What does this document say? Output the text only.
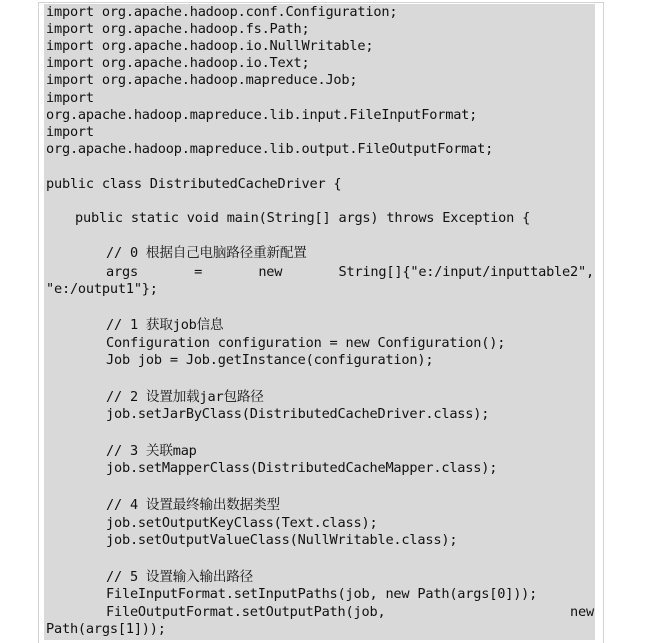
import org.apache.hadoop.conf.Configuration;
import org.apache.hadoop.fs.Path;
import org.apache.hadoop.io.NullWritable;
import org.apache.hadoop.io.Text;
import org.apache.hadoop.mapreduce.Job;
import
org.apache.hadoop.mapreduce.lib.input.FileInputFormat;
import
org.apache.hadoop.mapreduce.lib.output.FileOutputFormat;
public class DistributedCacheDriver {
public static void main(String[] args) throws Exception {
// 0 根据自己电脑路径重新配置
args	=	new	String[]{"e:/input/inputtable2",
"e:/output1"};
// 1 获取job信息
Configuration configuration = new Configuration();
Job job = Job.getInstance(configuration);
// 2 设置加载jar包路径
job.setJarByClass(DistributedCacheDriver.class);
// 3 关联map
job.setMapperClass(DistributedCacheMapper.class);
// 4 设置最终输出数据类型
job.setOutputKeyClass(Text.class);
job.setOutputValueClass(NullWritable.class);
// 5 设置输入输出路径
FileInputFormat.setInputPaths(job, new Path(args[0]));
FileOutputFormat.setOutputPath(job,	new
Path(args[1]));
